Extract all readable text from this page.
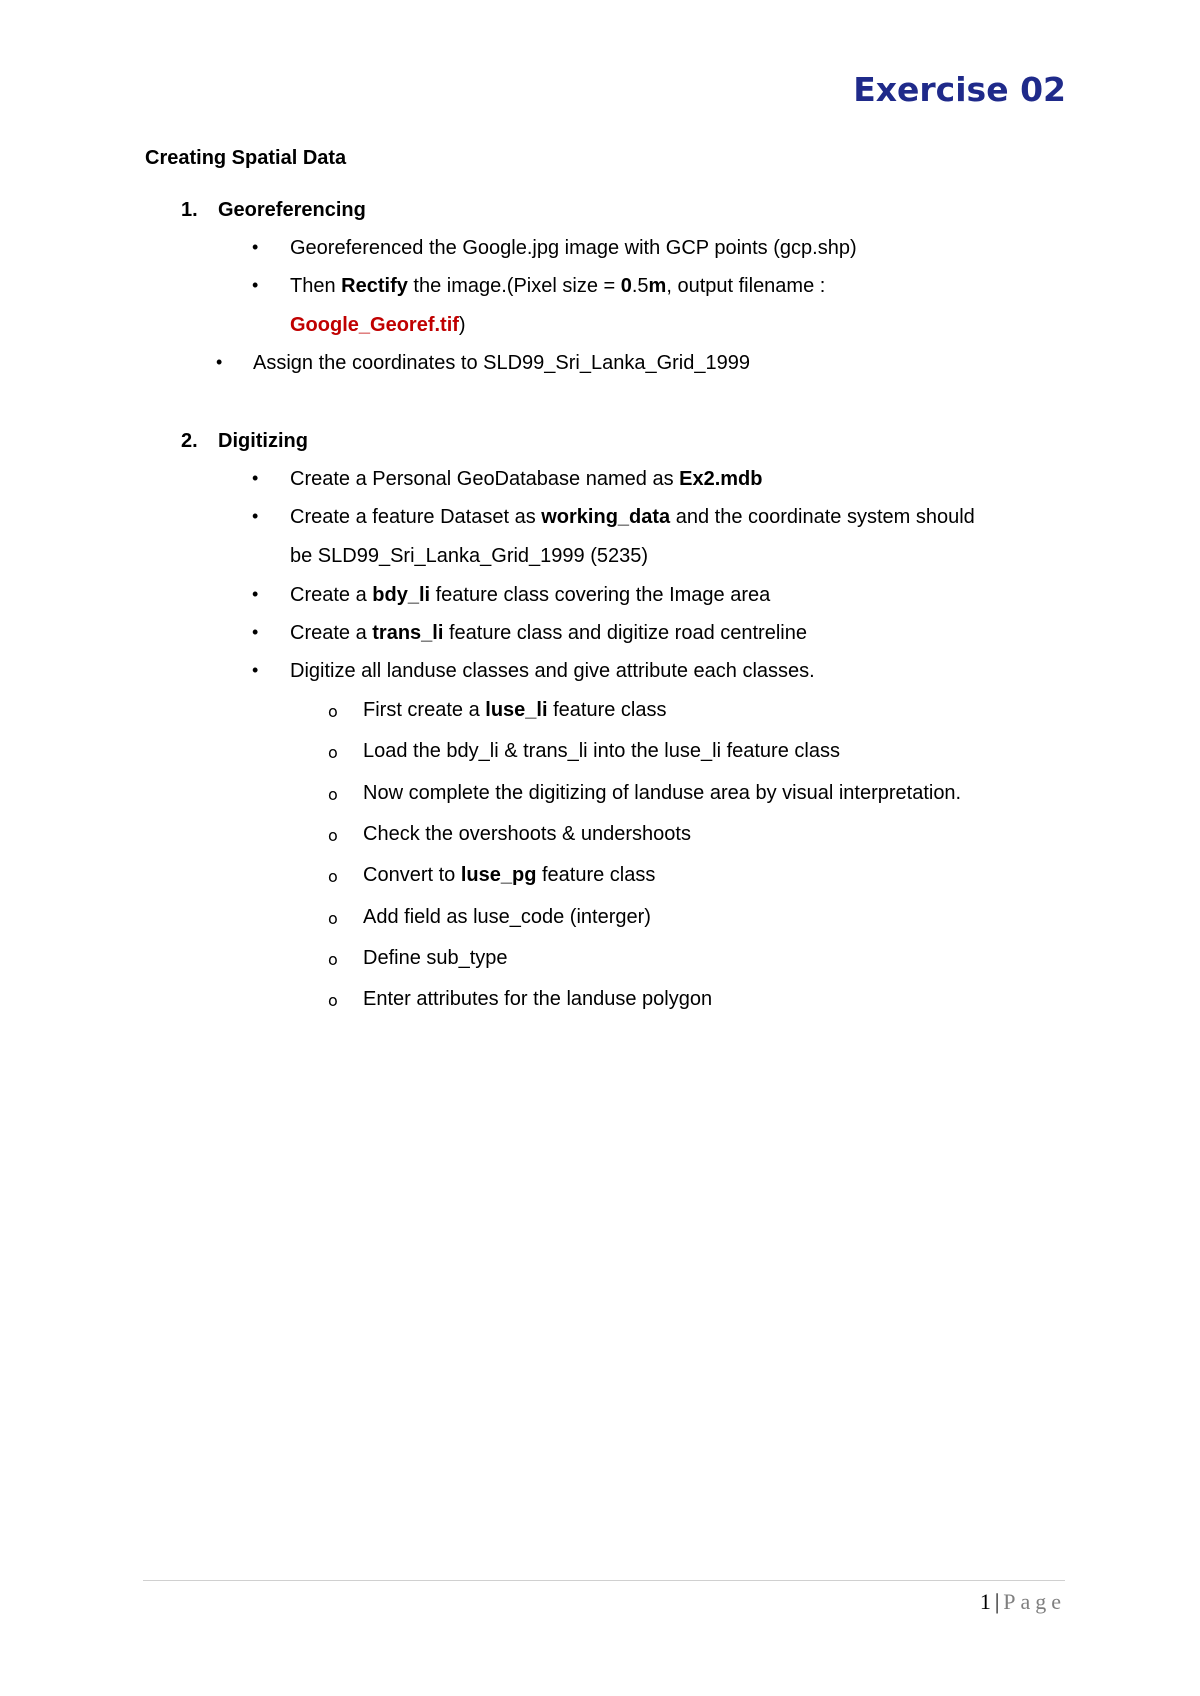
Exercise 02
Creating Spatial Data
1. Georeferencing
• Georeferenced the Google.jpg image with GCP points (gcp.shp)
• Then Rectify the image.(Pixel size = 0.5m, output filename :
Google_Georef.tif)
• Assign the coordinates to SLD99_Sri_Lanka_Grid_1999
2. Digitizing
• Create a Personal GeoDatabase named as Ex2.mdb
• Create a feature Dataset as working_data and the coordinate system should
be SLD99_Sri_Lanka_Grid_1999 (5235)
• Create a bdy_li feature class covering the Image area
• Create a trans_li feature class and digitize road centreline
• Digitize all landuse classes and give attribute each classes.
o First create a luse_li feature class
o Load the bdy_li & trans_li into the luse_li feature class
o Now complete the digitizing of landuse area by visual interpretation.
o Check the overshoots & undershoots
o Convert to luse_pg feature class
o Add field as luse_code (interger)
o Define sub_type
o Enter attributes for the landuse polygon
1 | Page
